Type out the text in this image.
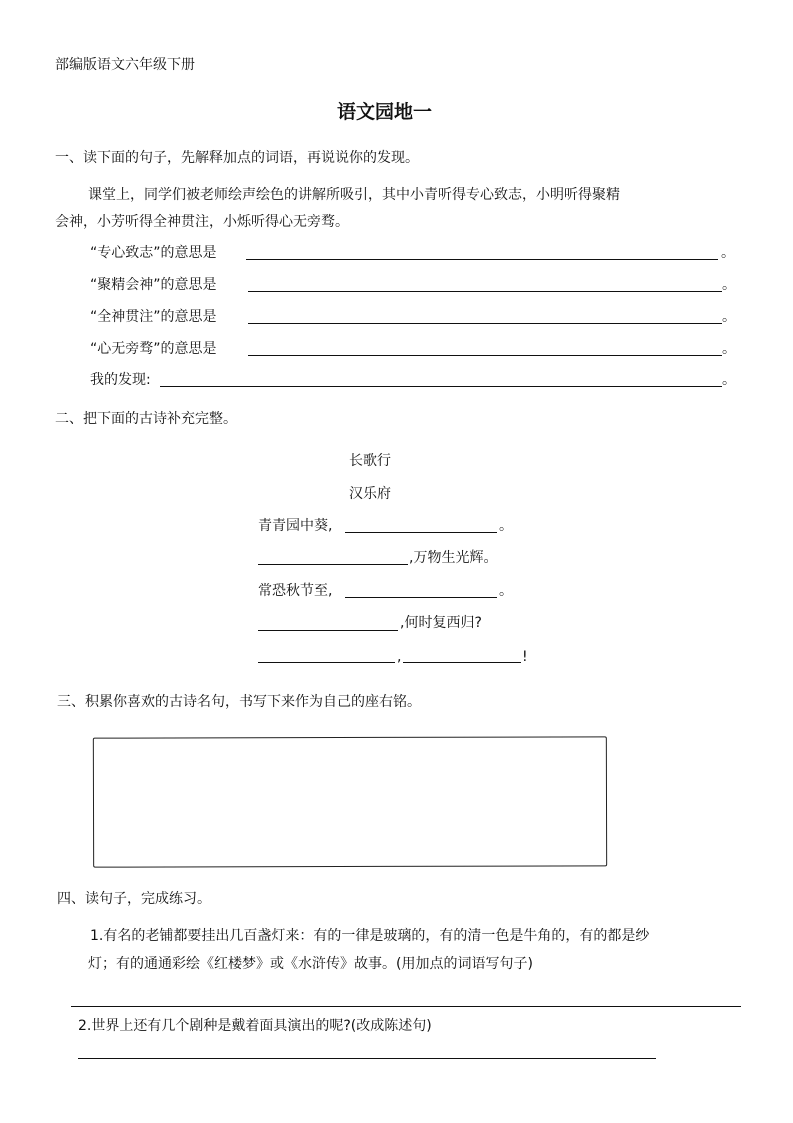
部编版语文六年级下册
语文园地一
一、读下面的句子，先解释加点的词语，再说说你的发现。
课堂上，同学们被老师绘声绘色的讲解所吸引，其中小青听得专心致志，小明听得聚精
会神，小芳听得全神贯注，小烁听得心无旁骛。
“专心致志”的意思是	。
“聚精会神”的意思是	。
“全神贯注”的意思是	。
“心无旁骛”的意思是	。
我的发现:	。
二、把下面的古诗补充完整。
长歌行
汉乐府
青青园中葵,	。
,万物生光辉。
常恐秋节至,	。
,何时复西归?
,	!
三、积累你喜欢的古诗名句，书写下来作为自己的座右铭。
四、读句子，完成练习。
1.有名的老铺都要挂出几百盏灯来：有的一律是玻璃的，有的清一色是牛角的，有的都是纱
灯；有的通通彩绘《红楼梦》或《水浒传》故事。(用加点的词语写句子)
2.世界上还有几个剧种是戴着面具演出的呢?(改成陈述句)
